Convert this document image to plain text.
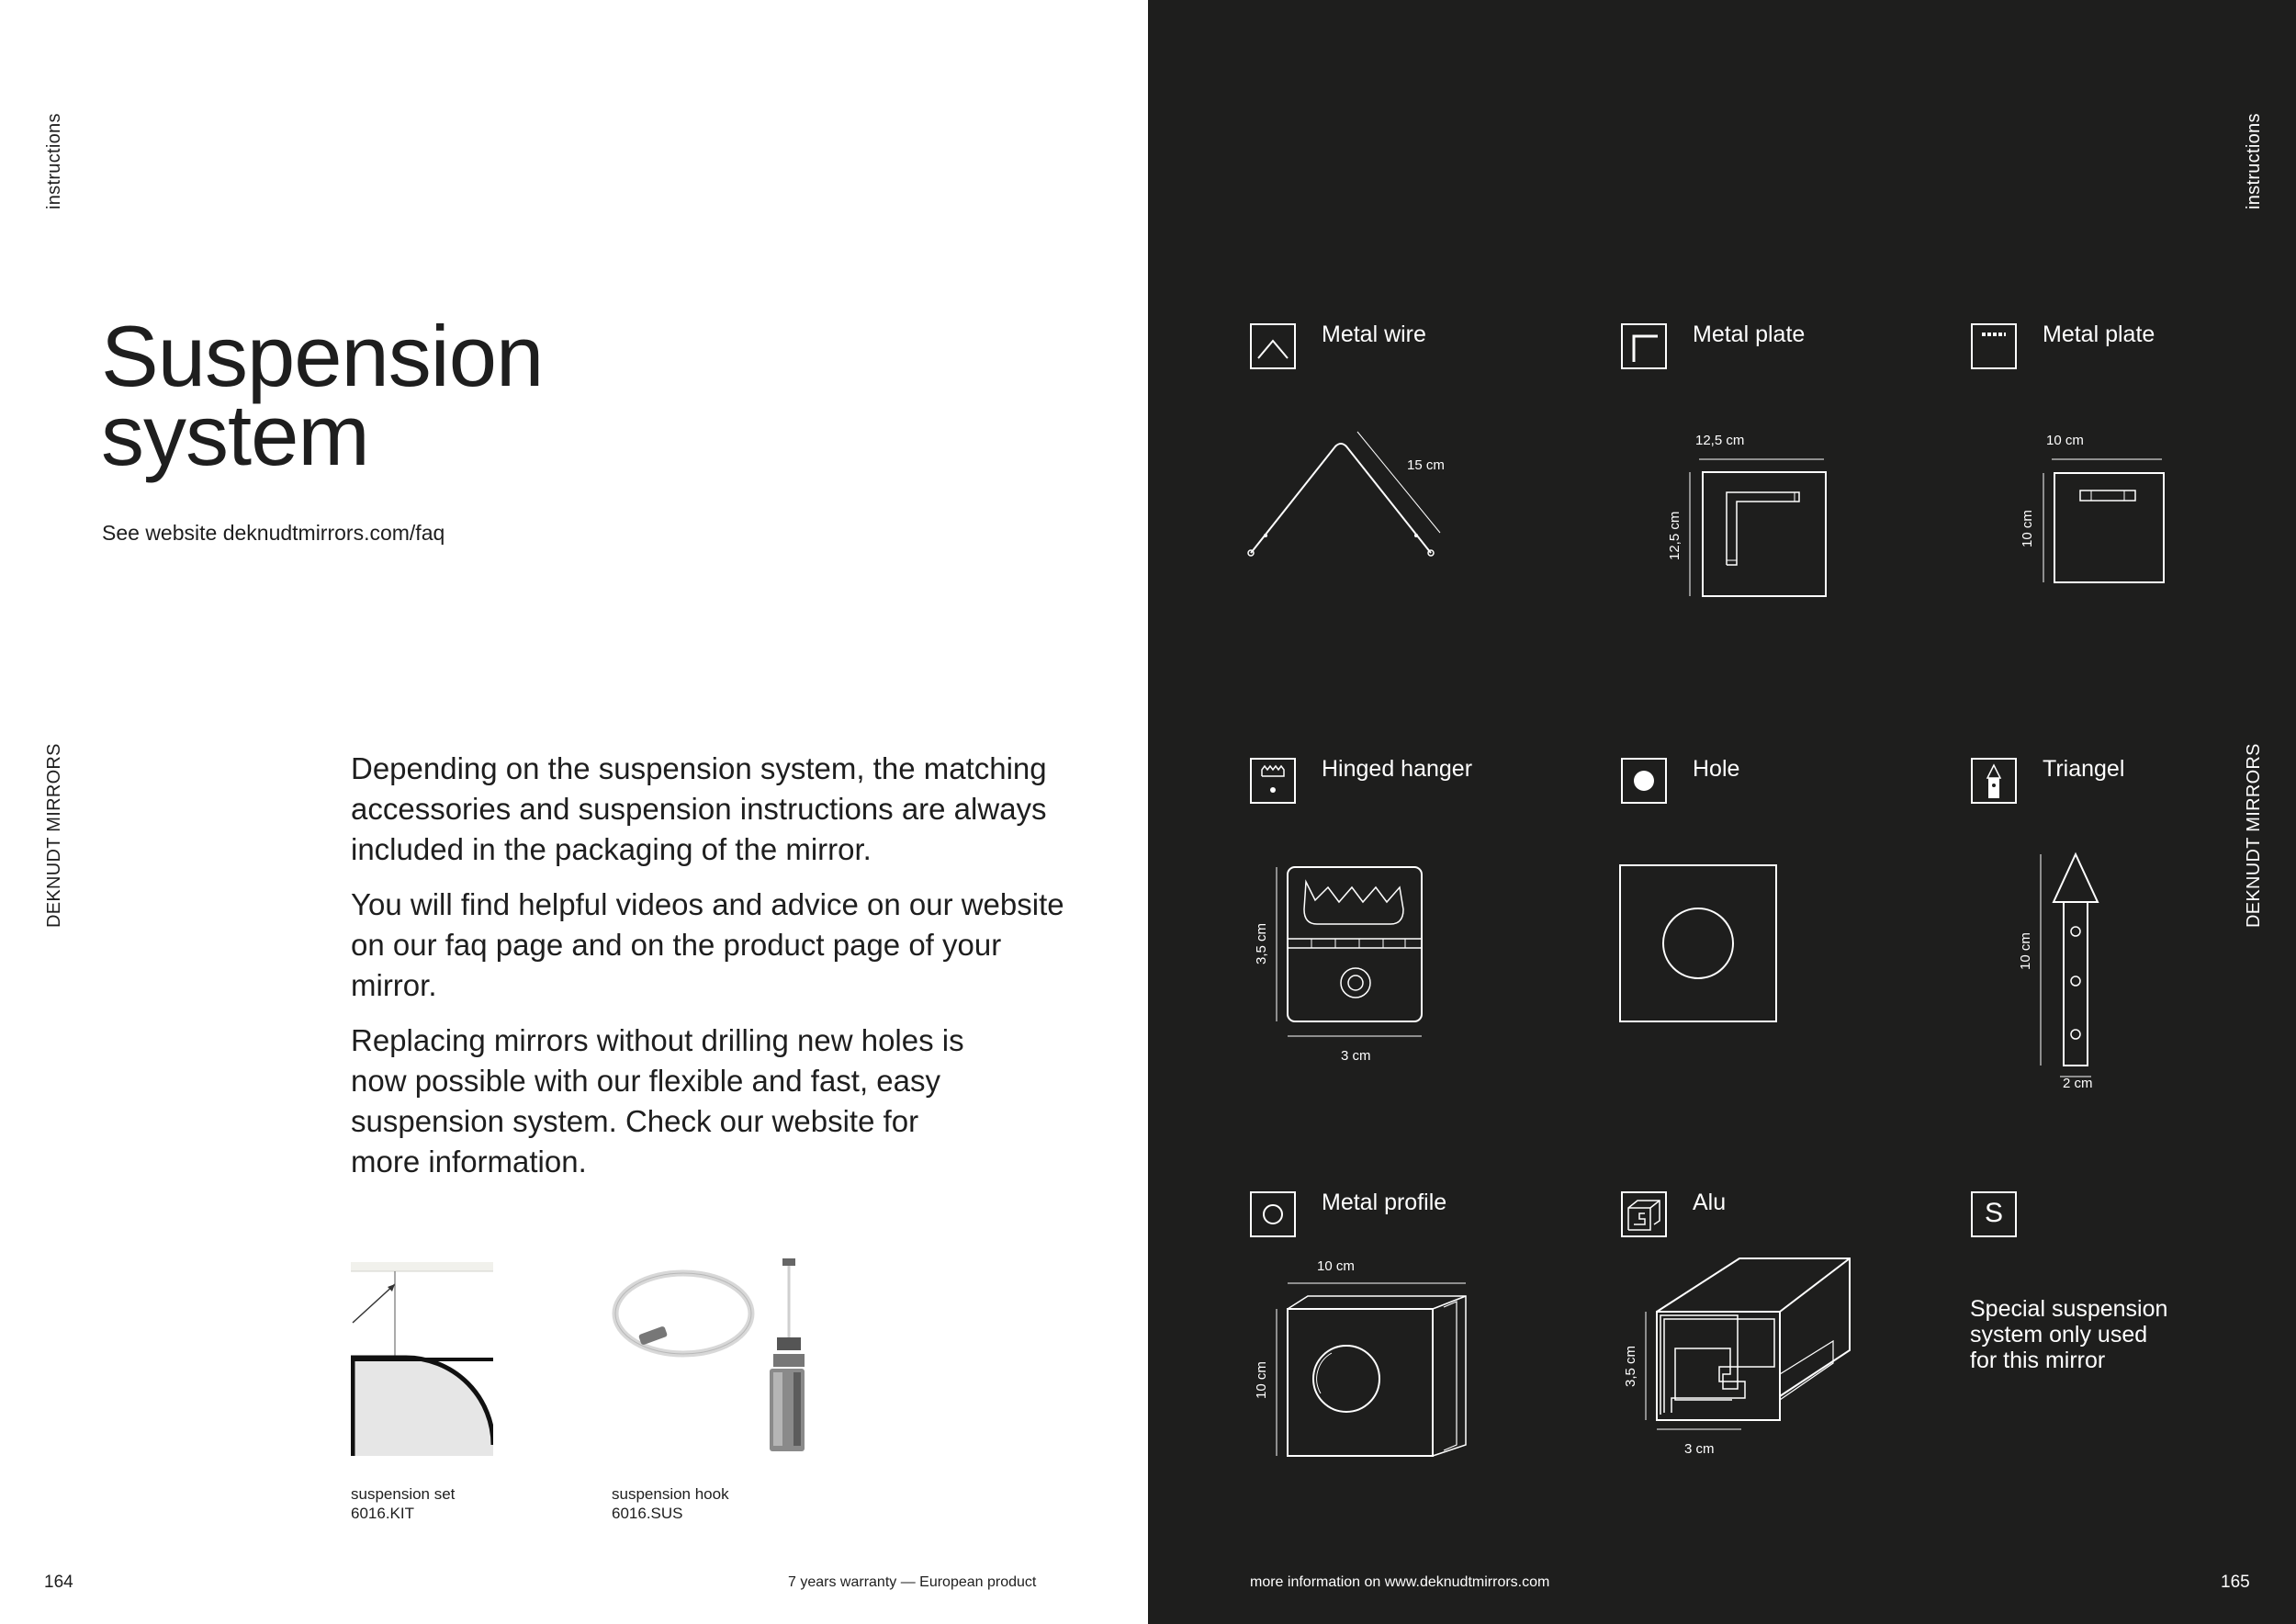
instructions
DEKNUDT MIRRORS
Suspension
system
See website deknudtmirrors.com/faq

Depending on the suspension system, the matching accessories and suspension instructions are always included in the packaging of the mirror.

You will find helpful videos and advice on our website on our faq page and on the product page of your mirror.

Replacing mirrors without drilling new holes is now possible with our flexible and fast, easy suspension system. Check our website for more information.

suspension set
6016.KIT
suspension hook
6016.SUS
164	7 years warranty — European product
instructions
DEKNUDT MIRRORS
Metal wire
15 cm
Metal plate
12,5 cm
12,5 cm
Metal plate
10 cm
10 cm
Hinged hanger
3,5 cm
3 cm
Hole	Triangel
10 cm
2 cm
Metal profile
10 cm
10 cm
Alu
3,5 cm
3 cm
S
Special suspension
system only used
for this mirror
more information on www.deknudtmirrors.com	165
